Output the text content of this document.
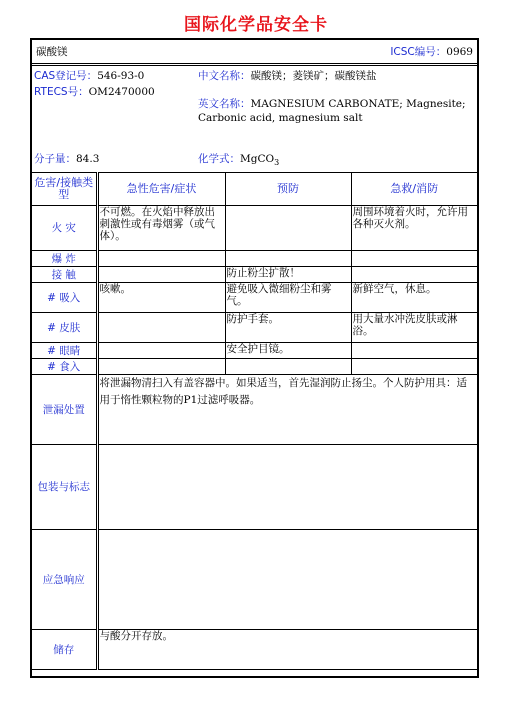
国际化学品安全卡
碳酸镁	ICSC编号：0969
CAS登记号：546-93-0
RTECS号：OM2470000
中文名称：碳酸镁；菱镁矿；碳酸镁盐
英文名称：MAGNESIUM CARBONATE; Magnesite;
Carbonic acid, magnesium salt
分子量：84.3	化学式：MgCO$_3$
危害/接触类型	急性危害/症状	预防	急救/消防
火 灾	不可燃。在火焰中释放出刺激性或有毒烟雾（或气体）。		周围环境着火时，允许用各种灭火剂。
爆 炸			
接 触		防止粉尘扩散！	
# 吸入	咳嗽。	避免吸入微细粉尘和雾气。	新鲜空气，休息。
# 皮肤		防护手套。	用大量水冲洗皮肤或淋浴。
# 眼睛		安全护目镜。	
# 食入			
泄漏处置	将泄漏物清扫入有盖容器中。如果适当，首先湿润防止扬尘。个人防护用具：适用于惰性颗粒物的P1过滤呼吸器。		
包装与标志			
应急响应			
储存	与酸分开存放。		
